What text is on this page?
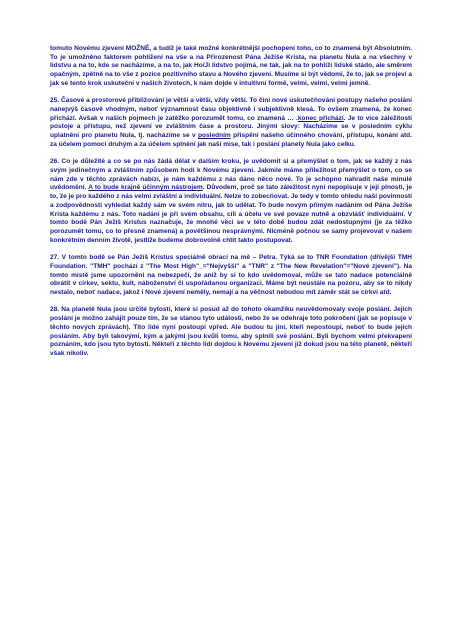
tomuto Novému zjevení MOŽNÉ, a tudíž je také možné konkrétnější pochopení toho, co to znamená být Absolutním. To je umožněno faktorem pohlížení na vše a na Přirozenost Pána Ježíše Krista, na planetu Nula a na všechny v lidstvu a na to, kde se nacházíme, a na to, jak Ho/Ji lidstvo pojímá, ne tak, jak na to pohlíží lidské stádo, ale směrem opačným, zpětně na to vše z pozice pozitivního stavu a Nového zjevení. Musíme si být vědomi, že to, jak se projeví a jak se tento krok uskuteční v našich životech, k nám dojde v intuitivní formě, velmi, velmi, velmi jemně.
25. Časové a prostorové přibližování je větší a větší, vždy větší. To činí nové uskutečňování postupy našeho poslání nanejvýš časově vhodným, neboť významnost času objektivně i subjektivně klesá. To ovšem znamená, že konec přichází. Avšak v našich pojmech je zatěžko porozumět tomu, co znamená … .konec přichází. Je to více záležitostí postoje a přístupu, než zjevení ve zvláštním čase a prostoru. Jinými slovy: Nacházíme se v posledním cyklu uplatnění pro planetu Nula, tj. nacházíme se v posledním přispění našeho účinného chování, přístupu, konání atd. za účelem pomoci druhým a za účelem splnění jak naší mise, tak i poslání planety Nula jako celku.
26. Co je důležité a co se po nás žádá dělat v dalším kroku, je uvědomit si a přemýšlet o tom, jak se každý z nás svým jedinečným a zvláštním způsobem hodí k Novému zjevení. Jakmile máme příležitost přemýšlet o tom, co se nám zde v těchto zprávách nabízí, je nám každému z nás dáno něco nové. To je schopno nahradit naše minulé uvědomění. A to bude krajně účinným nástrojem. Důvodem, proč se tato záležitost nyní nepopisuje v její plnosti, je to, že je pro každého z nás velmi zvláštní a individuální. Nelze to zobecňovat. Je tedy v tomto ohledu naší povinností a zodpovědností vyhledat každý sám ve svém nitru, jak to udělat. To bude novým přímým nadáním od Pána Ježíše Krista každému z nás. Toto nadání je při svém obsahu, cíli a účelu ve své povaze nutně a obzvlášť individuální. V tomto bodě Pán Ježíš Kristus naznačuje, že mnohé věci se v této době budou zdát nedostupnými (je za těžko porozumět tomu, co to přesně znamená) a povětšinou nesprávnými. Nicméně počnou se samy projevovat v našem konkrétním denním životě, jestliže budeme dobrovolně chtít takto postupovat.
27. V tomto bodě se Pán Ježíš Kristus speciálně obrací na mě – Petra. Týká se to TNR Foundation (dřívější TMH Foundation. "TMH" pochází z "The Most High"_="Nejvyšší" a "TNR" z "The New Revelation"="Nové zjevení"). Na tomto místě jsme upozorněni na nebezpečí, že aniž by si to kdo uvědomoval, může se tato nadace potenciálně obrátit v církev, sektu, kult, náboženství či uspořádanou organizaci. Máme být neustále na pozoru, aby se to nikdy nestalo, neboť nadace, jakož i Nové zjevení neměly, nemají a na věčnost nebudou mít záměr stát se církví atd.
28. Na planetě Nula jsou určité bytosti, které si posud až do tohoto okamžiku neuvědomovaly svoje poslání. Jejich poslání je možno zahájit pouze tím, že se stanou tyto události, nebo že se odehraje toto pokročení (jak se popisuje v těchto nových zprávách). Tito lidé nyní postoupí vpřed. Ale budou tu jiní, kteří nepostoupí, neboť to bude jejich posláním. Aby byli takovými, kým a jakými jsou kvůli tomu, aby splnili své poslání. Byli bychom velmi překvapeni poznáním, kdo jsou tyto bytosti. Někteří z těchto lidí dojdou k Novému zjevení již dokud jsou na této planetě, někteří však nikoliv.
